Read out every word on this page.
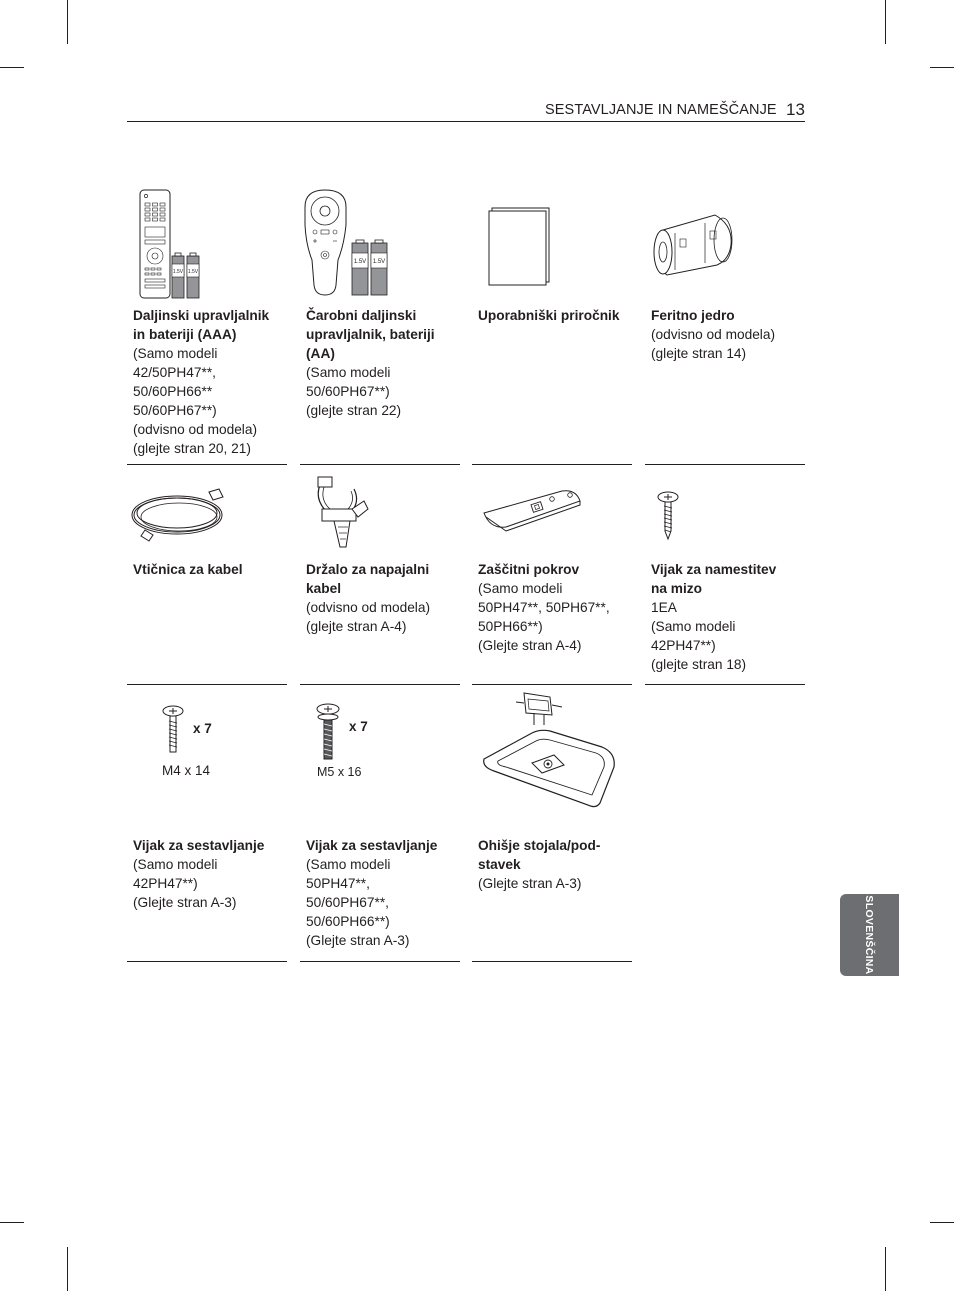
SESTAVLJANJE IN NAMEŠČANJE 13
1.5V 1.5V
Daljinski upravljalnik
in bateriji (AAA)
(Samo modeli
42/50PH47**,
50/60PH66**
50/60PH67**)
(odvisno od modela)
(glejte stran 20, 21)
1.5V 1.5V
Čarobni daljinski
upravljalnik, bateriji
(AA)
(Samo modeli
50/60PH67**)
(glejte stran 22)
Uporabniški priročnik	Feritno jedro
(odvisno od modela)
(glejte stran 14)
Vtičnica za kabel	Držalo za napajalni
kabel
(odvisno od modela)
(glejte stran A-4)
Zaščitni pokrov
(Samo modeli
50PH47**, 50PH67**,
50PH66**)
(Glejte stran A-4)
Vijak za namestitev
na mizo
1EA
(Samo modeli
42PH47**)
(glejte stran 18)
x 7
M4 x 14
Vijak za sestavljanje
(Samo modeli
42PH47**)
(Glejte stran A-3)
x 7
M5 x 16
Vijak za sestavljanje
(Samo modeli
50PH47**,
50/60PH67**,
50/60PH66**)
(Glejte stran A-3)
Ohišje stojala/pod-
stavek
(Glejte stran A-3)
SLOVENŠČINA
